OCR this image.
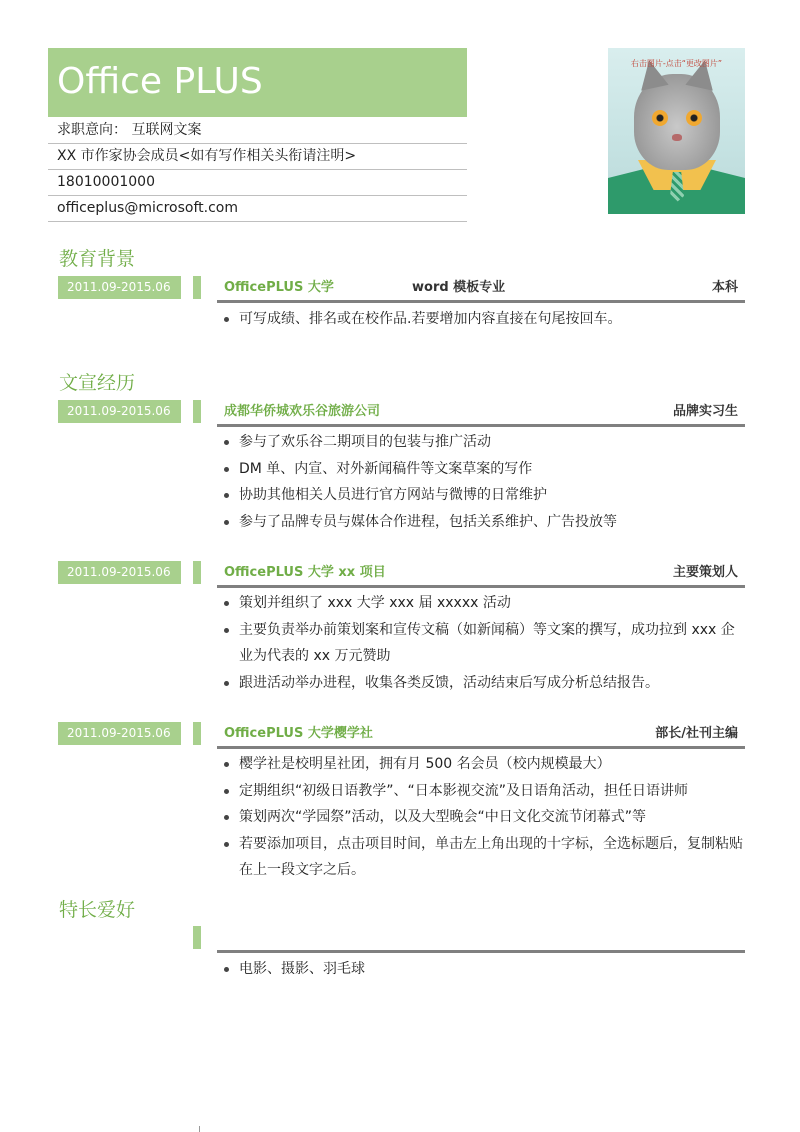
Office PLUS
求职意向： 互联网文案
XX 市作家协会成员<如有写作相关头衔请注明>
18010001000
officeplus@microsoft.com
右击图片-点击“更改图片”
教育背景
2011.09-2015.06	OfficePLUS 大学	word 模板专业	本科
可写成绩、排名或在校作品.若要增加内容直接在句尾按回车。
文宣经历
2011.09-2015.06	成都华侨城欢乐谷旅游公司	品牌实习生
参与了欢乐谷二期项目的包装与推广活动
DM 单、内宣、对外新闻稿件等文案草案的写作
协助其他相关人员进行官方网站与微博的日常维护
参与了品牌专员与媒体合作进程，包括关系维护、广告投放等
2011.09-2015.06	OfficePLUS 大学 xx 项目	主要策划人
策划并组织了 xxx 大学 xxx 届 xxxxx 活动
主要负责举办前策划案和宣传文稿（如新闻稿）等文案的撰写，成功拉到 xxx 企业为代表的 xx 万元赞助
跟进活动举办进程，收集各类反馈，活动结束后写成分析总结报告。
2011.09-2015.06	OfficePLUS 大学樱学社	部长/社刊主编
樱学社是校明星社团，拥有月 500 名会员（校内规模最大）
定期组织“初级日语教学”、“日本影视交流”及日语角活动，担任日语讲师
策划两次“学园祭”活动，以及大型晚会“中日文化交流节闭幕式”等
若要添加项目，点击项目时间，单击左上角出现的十字标，全选标题后，复制粘贴在上一段文字之后。
特长爱好
电影、摄影、羽毛球
